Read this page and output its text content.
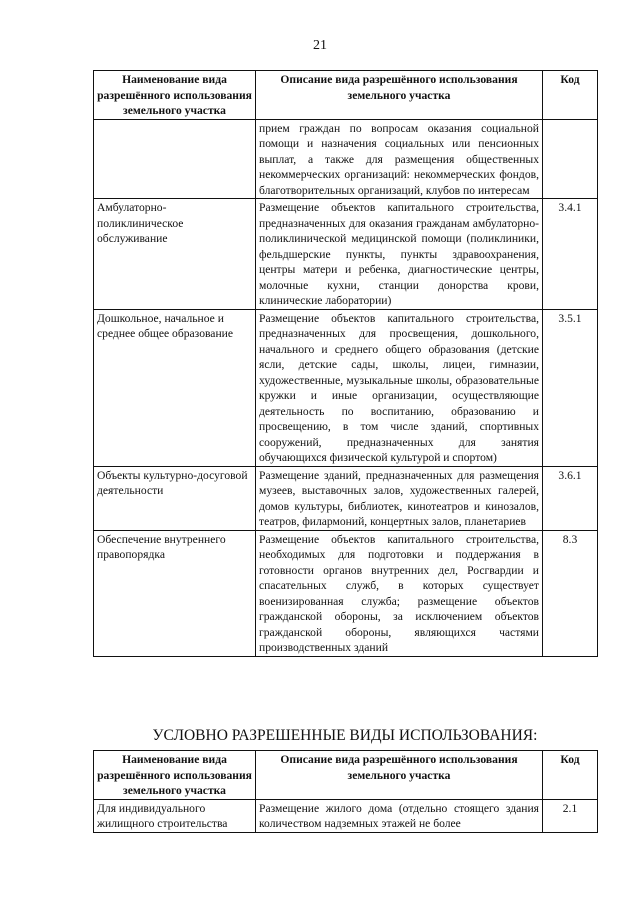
21
Наименование вида разрешённого использования земельного участка	Описание вида разрешённого использования земельного участка	Код
	прием граждан по вопросам оказания социальной помощи и назначения социальных или пенсионных выплат, а также для размещения общественных некоммерческих организаций: некоммерческих фондов, благотворительных организаций, клубов по интересам	
Амбулаторно-поликлиническое обслуживание	Размещение объектов капитального строительства, предназначенных для оказания гражданам амбулаторно-поликлинической медицинской помощи (поликлиники, фельдшерские пункты, пункты здравоохранения, центры матери и ребенка, диагностические центры, молочные кухни, станции донорства крови, клинические лаборатории)	3.4.1
Дошкольное, начальное и среднее общее образование	Размещение объектов капитального строительства, предназначенных для просвещения, дошкольного, начального и среднего общего образования (детские ясли, детские сады, школы, лицеи, гимназии, художественные, музыкальные школы, образовательные кружки и иные организации, осуществляющие деятельность по воспитанию, образованию и просвещению, в том числе зданий, спортивных сооружений, предназначенных для занятия обучающихся физической культурой и спортом)	3.5.1
Объекты культурно-досуговой деятельности	Размещение зданий, предназначенных для размещения музеев, выставочных залов, художественных галерей, домов культуры, библиотек, кинотеатров и кинозалов, театров, филармоний, концертных залов, планетариев	3.6.1
Обеспечение внутреннего правопорядка	Размещение объектов капитального строительства, необходимых для подготовки и поддержания в готовности органов внутренних дел, Росгвардии и спасательных служб, в которых существует военизированная служба; размещение объектов гражданской обороны, за исключением объектов гражданской обороны, являющихся частями производственных зданий	8.3
УСЛОВНО РАЗРЕШЕННЫЕ ВИДЫ ИСПОЛЬЗОВАНИЯ:
Наименование вида разрешённого использования земельного участка	Описание вида разрешённого использования земельного участка	Код
Для индивидуального жилищного строительства	Размещение жилого дома (отдельно стоящего здания количеством надземных этажей не более	2.1
